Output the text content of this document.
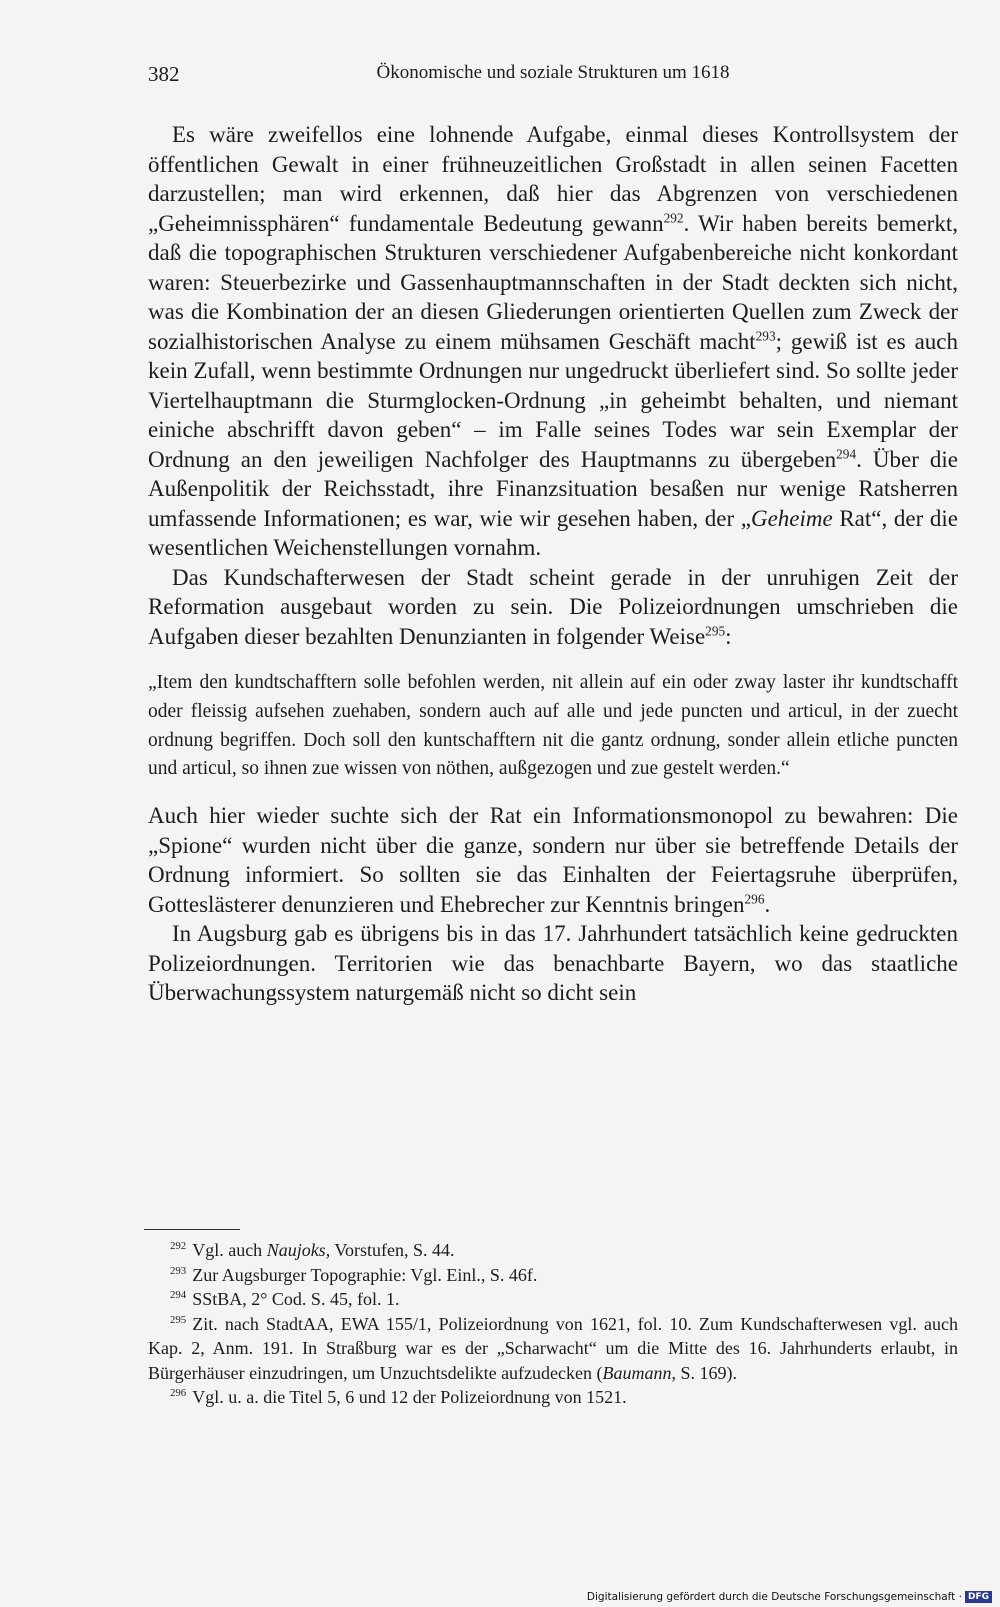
382	Ökonomische und soziale Strukturen um 1618

Es wäre zweifellos eine lohnende Aufgabe, einmal dieses Kontrollsystem der öffentlichen Gewalt in einer frühneuzeitlichen Großstadt in allen seinen Facetten darzustellen; man wird erkennen, daß hier das Abgrenzen von verschiedenen „Geheimnissphären“ fundamentale Bedeutung gewann$^{292}$. Wir haben bereits bemerkt, daß die topographischen Strukturen verschiedener Aufgabenbereiche nicht konkordant waren: Steuerbezirke und Gassenhauptmannschaften in der Stadt deckten sich nicht, was die Kombination der an diesen Gliederungen orientierten Quellen zum Zweck der sozialhistorischen Analyse zu einem mühsamen Geschäft macht$^{293}$; gewiß ist es auch kein Zufall, wenn bestimmte Ordnungen nur ungedruckt überliefert sind. So sollte jeder Viertelhauptmann die Sturmglocken-Ordnung „in geheimbt behalten, und niemant einiche abschrifft davon geben“ – im Falle seines Todes war sein Exemplar der Ordnung an den jeweiligen Nachfolger des Hauptmanns zu übergeben$^{294}$. Über die Außenpolitik der Reichsstadt, ihre Finanzsituation besaßen nur wenige Ratsherren umfassende Informationen; es war, wie wir gesehen haben, der „Geheime Rat“, der die wesentlichen Weichenstellungen vornahm.

Das Kundschafterwesen der Stadt scheint gerade in der unruhigen Zeit der Reformation ausgebaut worden zu sein. Die Polizeiordnungen umschrieben die Aufgaben dieser bezahlten Denunzianten in folgender Weise$^{295}$:

„Item den kundtschafftern solle befohlen werden, nit allein auf ein oder zway laster ihr kundtschafft oder fleissig aufsehen zuehaben, sondern auch auf alle und jede puncten und articul, in der zuecht ordnung begriffen. Doch soll den kuntschafftern nit die gantz ordnung, sonder allein etliche puncten und articul, so ihnen zue wissen von nöthen, außgezogen und zue gestelt werden.“

Auch hier wieder suchte sich der Rat ein Informationsmonopol zu bewahren: Die „Spione“ wurden nicht über die ganze, sondern nur über sie betreffende Details der Ordnung informiert. So sollten sie das Einhalten der Feiertagsruhe überprüfen, Gotteslästerer denunzieren und Ehebrecher zur Kenntnis bringen$^{296}$.

In Augsburg gab es übrigens bis in das 17. Jahrhundert tatsächlich keine gedruckten Polizeiordnungen. Territorien wie das benachbarte Bayern, wo das staatliche Überwachungssystem naturgemäß nicht so dicht sein

$^{292}$ Vgl. auch Naujoks, Vorstufen, S. 44.

$^{293}$ Zur Augsburger Topographie: Vgl. Einl., S. 46f.

$^{294}$ SStBA, 2° Cod. S. 45, fol. 1.

$^{295}$ Zit. nach StadtAA, EWA 155/1, Polizeiordnung von 1621, fol. 10. Zum Kundschafterwesen vgl. auch Kap. 2, Anm. 191. In Straßburg war es der „Scharwacht“ um die Mitte des 16. Jahrhunderts erlaubt, in Bürgerhäuser einzudringen, um Unzuchtsdelikte aufzudecken (Baumann, S. 169).

$^{296}$ Vgl. u. a. die Titel 5, 6 und 12 der Polizeiordnung von 1521.

Digitalisierung gefördert durch die Deutsche Forschungsgemeinschaft · DFG
